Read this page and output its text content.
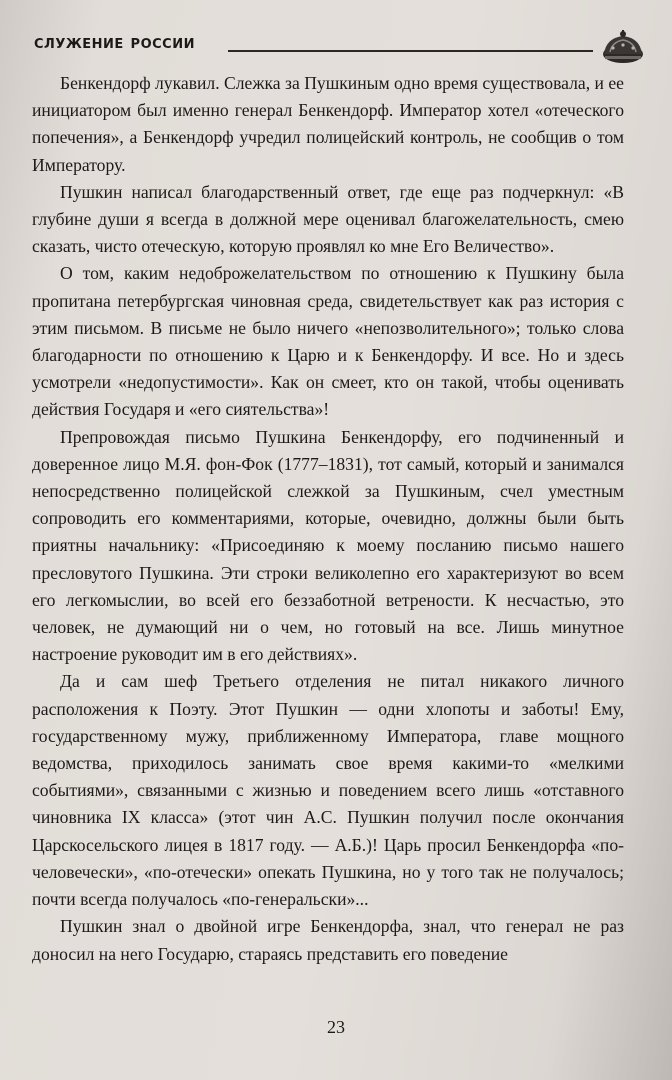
служение россии

Бенкендорф лукавил. Слежка за Пушкиным одно время существовала, и ее инициатором был именно генерал Бенкендорф. Император хотел «отеческого попечения», а Бенкендорф учредил полицейский контроль, не сообщив о том Императору.

Пушкин написал благодарственный ответ, где еще раз подчеркнул: «В глубине души я всегда в должной мере оценивал благожелательность, смею сказать, чисто отеческую, которую проявлял ко мне Его Величество».

О том, каким недоброжелательством по отношению к Пушкину была пропитана петербургская чиновная среда, свидетельствует как раз история с этим письмом. В письме не было ничего «непозволительного»; только слова благодарности по отношению к Царю и к Бенкендорфу. И все. Но и здесь усмотрели «недопустимости». Как он смеет, кто он такой, чтобы оценивать действия Государя и «его сиятельства»!

Препровождая письмо Пушкина Бенкендорфу, его подчиненный и доверенное лицо М.Я. фон-Фок (1777–1831), тот самый, который и занимался непосредственно полицейской слежкой за Пушкиным, счел уместным сопроводить его комментариями, которые, очевидно, должны были быть приятны начальнику: «Присоединяю к моему посланию письмо нашего пресловутого Пушкина. Эти строки великолепно его характеризуют во всем его легкомыслии, во всей его беззаботной ветрености. К несчастью, это человек, не думающий ни о чем, но готовый на все. Лишь минутное настроение руководит им в его действиях».

Да и сам шеф Третьего отделения не питал никакого личного расположения к Поэту. Этот Пушкин — одни хлопоты и заботы! Ему, государственному мужу, приближенному Императора, главе мощного ведомства, приходилось занимать свое время какими-то «мелкими событиями», связанными с жизнью и поведением всего лишь «отставного чиновника IX класса» (этот чин А.С. Пушкин получил после окончания Царскосельского лицея в 1817 году. — А.Б.)! Царь просил Бенкендорфа «по-человечески», «по-отечески» опекать Пушкина, но у того так не получалось; почти всегда получалось «по-генеральски»...

Пушкин знал о двойной игре Бенкендорфа, знал, что генерал не раз доносил на него Государю, стараясь представить его поведение

23
